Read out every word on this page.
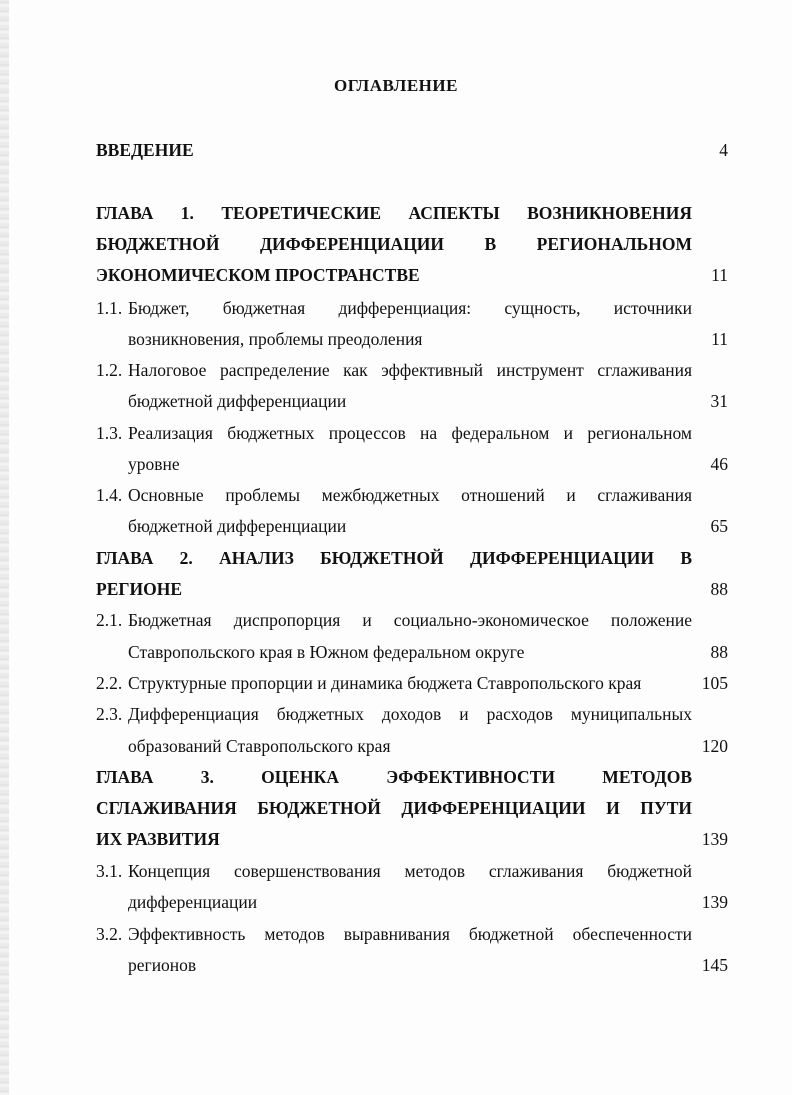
ОГЛАВЛЕНИЕ
ВВЕДЕНИЕ	4
ГЛАВА 1. ТЕОРЕТИЧЕСКИЕ АСПЕКТЫ ВОЗНИКНОВЕНИЯ
БЮДЖЕТНОЙ ДИФФЕРЕНЦИАЦИИ В РЕГИОНАЛЬНОМ
ЭКОНОМИЧЕСКОМ ПРОСТРАНСТВЕ	11
1.1. Бюджет, бюджетная дифференциация: сущность, источники
возникновения, проблемы преодоления	11
1.2. Налоговое распределение как эффективный инструмент сглаживания
бюджетной дифференциации	31
1.3. Реализация бюджетных процессов на федеральном и региональном
уровне	46
1.4. Основные проблемы межбюджетных отношений и сглаживания
бюджетной дифференциации	65
ГЛАВА 2. АНАЛИЗ БЮДЖЕТНОЙ ДИФФЕРЕНЦИАЦИИ В
РЕГИОНЕ	88
2.1. Бюджетная диспропорция и социально-экономическое положение
Ставропольского края в Южном федеральном округе	88
2.2. Структурные пропорции и динамика бюджета Ставропольского края	105
2.3. Дифференциация бюджетных доходов и расходов муниципальных
образований Ставропольского края	120
ГЛАВА 3. ОЦЕНКА ЭФФЕКТИВНОСТИ МЕТОДОВ
СГЛАЖИВАНИЯ БЮДЖЕТНОЙ ДИФФЕРЕНЦИАЦИИ И ПУТИ
ИХ РАЗВИТИЯ	139
3.1. Концепция совершенствования методов сглаживания бюджетной
дифференциации	139
3.2. Эффективность методов выравнивания бюджетной обеспеченности
регионов	145
